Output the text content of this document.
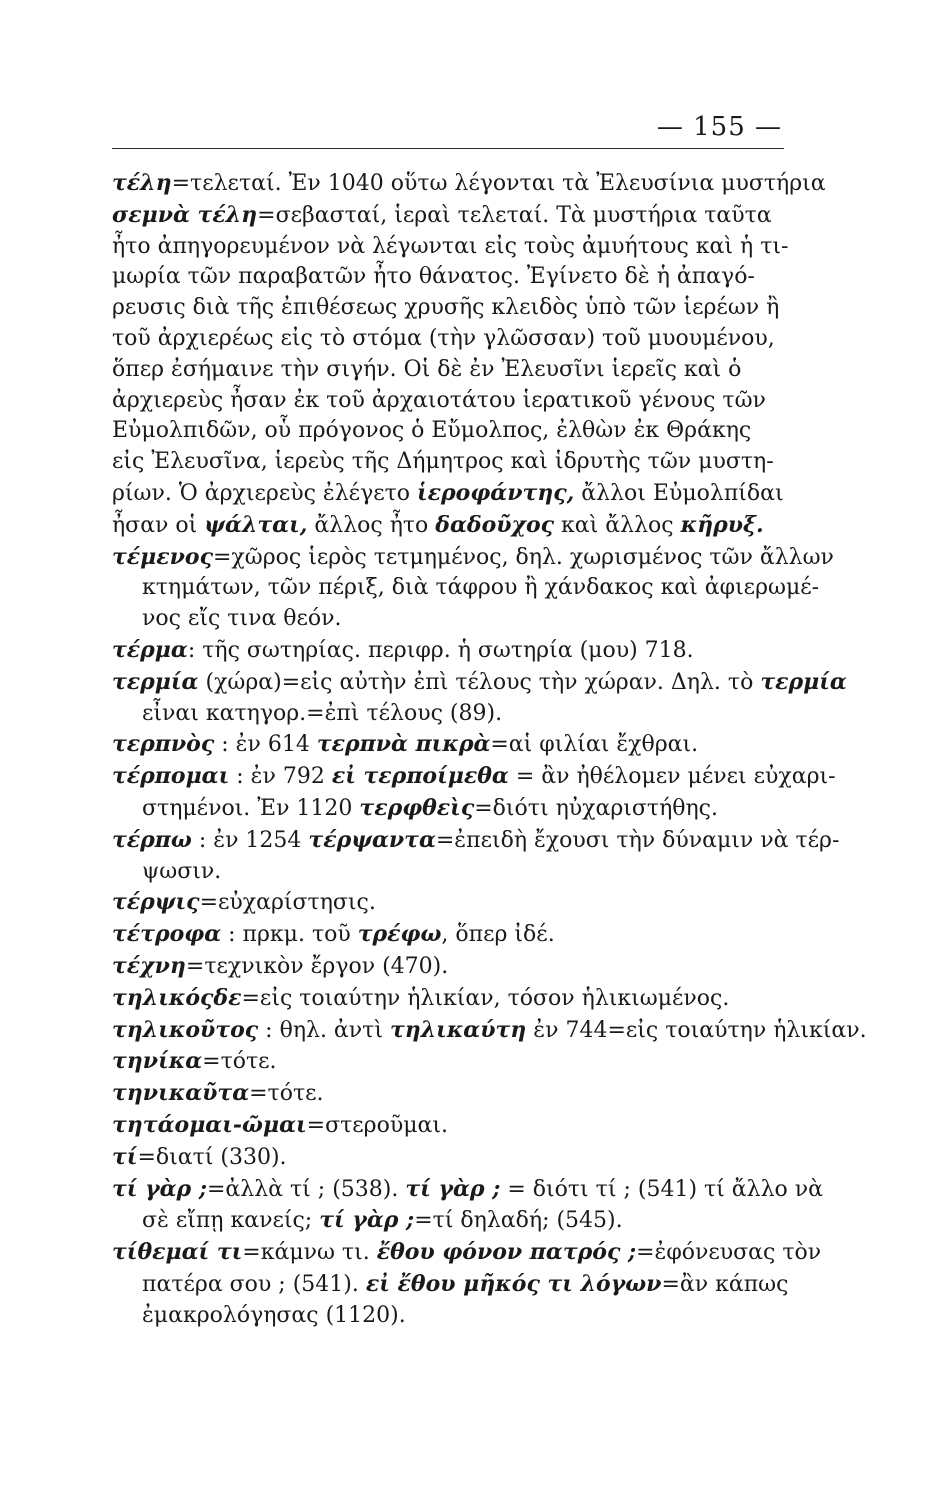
— 155 —
τέλη=τελεταί. Ἐν 1040 οὕτω λέγονται τὰ Ἐλευσίνια μυστήρια
σεμνὰ τέλη=σεβασταί, ἱεραὶ τελεταί. Τὰ μυστήρια ταῦτα
ἦτο ἀπηγορευμένον νὰ λέγωνται εἰς τοὺς ἀμυήτους καὶ ἡ τι-
μωρία τῶν παραβατῶν ἦτο θάνατος. Ἐγίνετο δὲ ἡ ἀπαγό-
ρευσις διὰ τῆς ἐπιθέσεως χρυσῆς κλειδὸς ὑπὸ τῶν ἱερέων ἢ
τοῦ ἀρχιερέως εἰς τὸ στόμα (τὴν γλῶσσαν) τοῦ μυουμένου,
ὅπερ ἐσήμαινε τὴν σιγήν. Οἱ δὲ ἐν Ἐλευσῖνι ἱερεῖς καὶ ὁ
ἀρχιερεὺς ἦσαν ἐκ τοῦ ἀρχαιοτάτου ἱερατικοῦ γένους τῶν
Εὐμολπιδῶν, οὗ πρόγονος ὁ Εὔμολπος, ἐλθὼν ἐκ Θράκης
εἰς Ἐλευσῖνα, ἱερεὺς τῆς Δήμητρος καὶ ἱδρυτὴς τῶν μυστη-
ρίων. Ὁ ἀρχιερεὺς ἐλέγετο ἱεροφάντης, ἄλλοι Εὐμολπίδαι
ἦσαν οἱ ψάλται, ἄλλος ἦτο δαδοῦχος καὶ ἄλλος κῆρυξ.
τέμενος=χῶρος ἱερὸς τετμημένος, δηλ. χωρισμένος τῶν ἄλλων
κτημάτων, τῶν πέριξ, διὰ τάφρου ἢ χάνδακος καὶ ἀφιερωμέ-
νος εἴς τινα θεόν.
τέρμα: τῆς σωτηρίας. περιφρ. ἡ σωτηρία (μου) 718.
τερμία (χώρα)=εἰς αὐτὴν ἐπὶ τέλους τὴν χώραν. Δηλ. τὸ τερμία
εἶναι κατηγορ.=ἐπὶ τέλους (89).
τερπνὸς : ἐν 614 τερπνὰ πικρὰ=αἱ φιλίαι ἔχθραι.
τέρπομαι : ἐν 792 εἰ τερποίμεθα = ἂν ἠθέλομεν μένει εὐχαρι-
στημένοι. Ἐν 1120 τερφθεὶς=διότι ηὐχαριστήθης.
τέρπω : ἐν 1254 τέρψαντα=ἐπειδὴ ἔχουσι τὴν δύναμιν νὰ τέρ-
ψωσιν.
τέρψις=εὐχαρίστησις.
τέτροφα : πρκμ. τοῦ τρέφω, ὅπερ ἰδέ.
τέχνη=τεχνικὸν ἔργον (470).
τηλικόςδε=εἰς τοιαύτην ἡλικίαν, τόσον ἡλικιωμένος.
τηλικοῦτος : θηλ. ἀντὶ τηλικαύτη ἐν 744=εἰς τοιαύτην ἡλικίαν.
τηνίκα=τότε.
τηνικαῦτα=τότε.
τητάομαι-ῶμαι=στεροῦμαι.
τί=διατί (330).
τί γὰρ ;=ἀλλὰ τί ; (538). τί γὰρ ; = διότι τί ; (541) τί ἄλλο νὰ
σὲ εἴπῃ κανείς; τί γὰρ ;=τί δηλαδή; (545).
τίθεμαί τι=κάμνω τι. ἔθου φόνον πατρός ;=ἐφόνευσας τὸν
πατέρα σου ; (541). εἰ ἔθου μῆκός τι λόγων=ἂν κάπως
ἐμακρολόγησας (1120).
